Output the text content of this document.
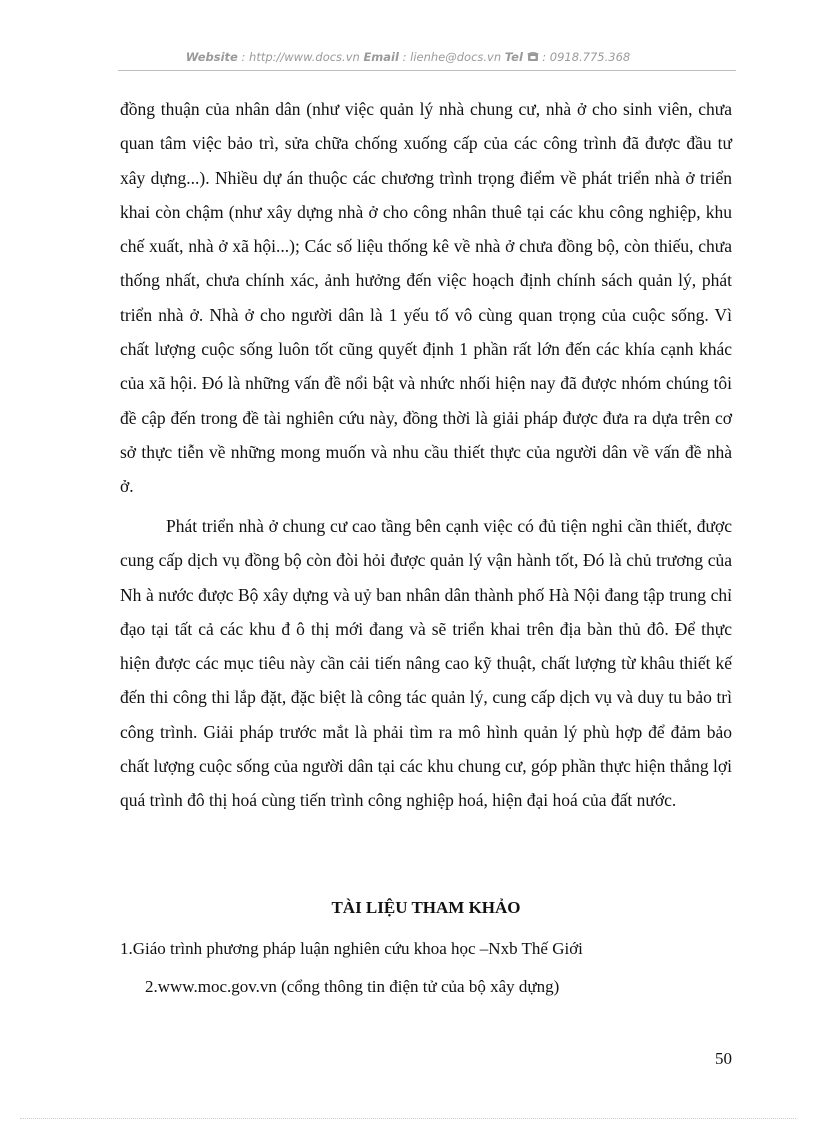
Website : http://www.docs.vn Email : lienhe@docs.vn Tel  : 0918.775.368

đồng thuận của nhân dân (như việc quản lý nhà chung cư, nhà ở cho sinh viên, chưa quan tâm việc bảo trì, sửa chữa chống xuống cấp của các công trình đã được đầu tư xây dựng...). Nhiều dự án thuộc các chương trình trọng điểm về phát triển nhà ở triển khai còn chậm (như xây dựng nhà ở cho công nhân thuê tại các khu công nghiệp, khu chế xuất, nhà ở xã hội...); Các số liệu thống kê về nhà ở chưa đồng bộ, còn thiếu, chưa thống nhất, chưa chính xác, ảnh hưởng đến việc hoạch định chính sách quản lý, phát triển nhà ở. Nhà ở cho người dân là 1 yếu tố vô cùng quan trọng của cuộc sống. Vì chất lượng cuộc sống luôn tốt cũng quyết định 1 phần rất lớn đến các khía cạnh khác của xã hội. Đó là những vấn đề nổi bật và nhức nhối hiện nay đã được nhóm chúng tôi đề cập đến trong đề tài nghiên cứu này, đồng thời là giải pháp được đưa ra dựa trên cơ sở thực tiễn về những mong muốn và nhu cầu thiết thực của người dân về vấn đề nhà ở.

Phát triển nhà ở chung cư cao tầng bên cạnh việc có đủ tiện nghi cần thiết, được cung cấp dịch vụ đồng bộ còn đòi hỏi được quản lý vận hành tốt, Đó là chủ trương của Nh à nước được Bộ xây dựng và uỷ ban nhân dân thành phố Hà Nội đang tập trung chỉ đạo tại tất cả các khu đ ô thị mới đang và sẽ triển khai trên địa bàn thủ đô. Để thực hiện được các mục tiêu này cần cải tiến nâng cao kỹ thuật, chất lượng từ khâu thiết kế đến thi công thi lắp đặt, đặc biệt là công tác quản lý, cung cấp dịch vụ và duy tu bảo trì công trình. Giải pháp trước mắt là phải tìm ra mô hình quản lý phù hợp để đảm bảo chất lượng cuộc sống của người dân tại các khu chung cư, góp phần thực hiện thắng lợi quá trình đô thị hoá cùng tiến trình công nghiệp hoá, hiện đại hoá của đất nước.

TÀI LIỆU THAM KHẢO

1.Giáo trình phương pháp luận nghiên cứu khoa học –Nxb Thế Giới

2.www.moc.gov.vn (cổng thông tin điện tử của bộ xây dựng)

50
